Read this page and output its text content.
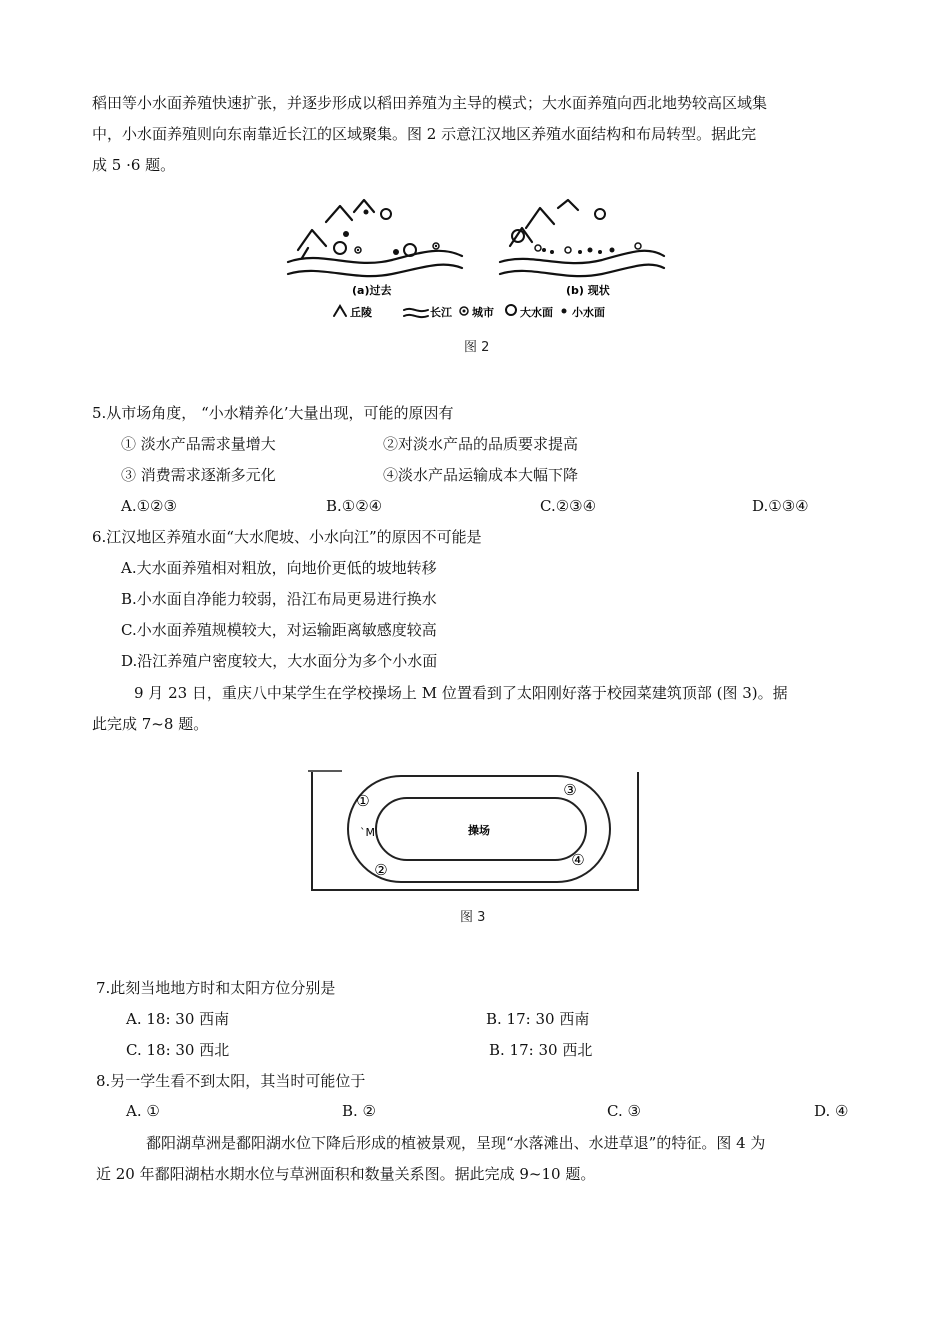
稻田等小水面养殖快速扩张，并逐步形成以稻田养殖为主导的模式；大水面养殖向西北地势较高区域集
中，小水面养殖则向东南靠近长江的区域聚集。图 2 示意江汉地区养殖水面结构和布局转型。据此完
成 5 ·6 题。
(a)过去	(b) 现状
丘陵	长江 城市 大水面 小水面
图 2
5.从市场角度， “小水精养化’大量出现，可能的原因有
① 淡水产品需求量增大	②对淡水产品的品质要求提高
③ 消费需求逐渐多元化	④淡水产品运输成本大幅下降
A.①②③	B.①②④	C.②③④	D.①③④
6.江汉地区养殖水面“大水爬坡、小水向江”的原因不可能是
A.大水面养殖相对粗放，向地价更低的坡地转移
B.小水面自净能力较弱，沿江布局更易进行换水
C.小水面养殖规模较大，对运输距离敏感度较高
D.沿江养殖户密度较大，大水面分为多个小水面
9 月 23 日，重庆八中某学生在学校操场上 M 位置看到了太阳刚好落于校园菜建筑顶部 (图 3)。据
此完成 7~8 题。
操场
`M
①
②
③
④
图 3
7.此刻当地地方时和太阳方位分别是
A. 18: 30 西南	B. 17: 30 西南
C. 18: 30 西北	B. 17: 30 西北
8.另一学生看不到太阳，其当时可能位于
A. ①	B. ②	C. ③	D. ④
鄱阳湖草洲是鄱阳湖水位下降后形成的植被景观，呈现“水落滩出、水进草退”的特征。图 4 为
近 20 年鄱阳湖枯水期水位与草洲面积和数量关系图。据此完成 9~10 题。
